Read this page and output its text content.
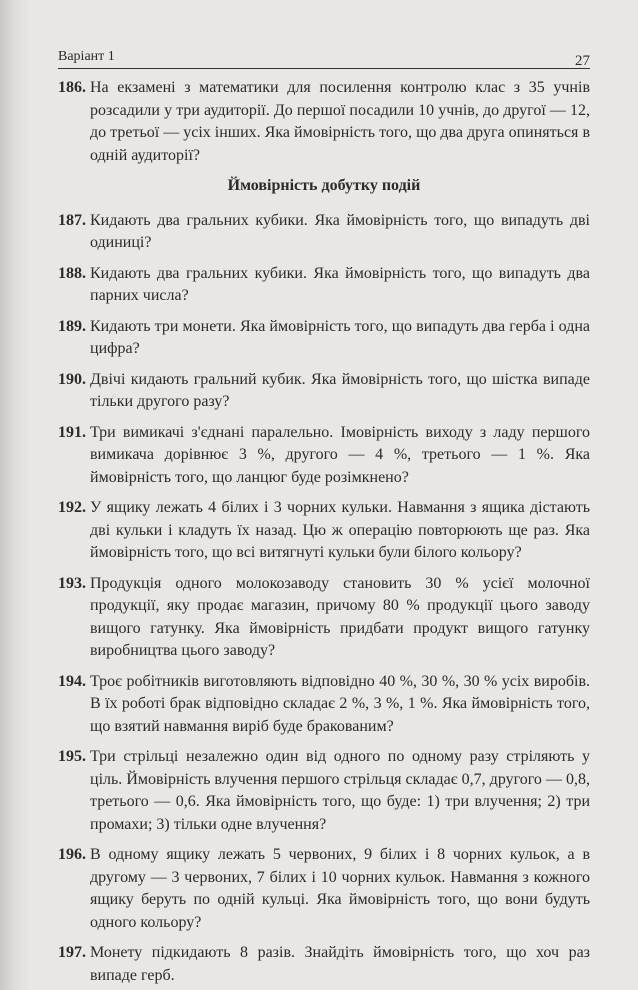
Варіант 1	27
186. На екзамені з математики для посилення контролю клас з 35 учнів розсадили у три аудиторії. До першої посадили 10 учнів, до другої — 12, до третьої — усіх інших. Яка ймовірність того, що два друга опиняться в одній аудиторії?
Ймовірність добутку подій
187. Кидають два гральних кубики. Яка ймовірність того, що випадуть дві одиниці?
188. Кидають два гральних кубики. Яка ймовірність того, що випадуть два парних числа?
189. Кидають три монети. Яка ймовірність того, що випадуть два герба і одна цифра?
190. Двічі кидають гральний кубик. Яка ймовірність того, що шістка випаде тільки другого разу?
191. Три вимикачі з'єднані паралельно. Імовірність виходу з ладу першого вимикача дорівнює 3 %, другого — 4 %, третього — 1 %. Яка ймовірність того, що ланцюг буде розімкнено?
192. У ящику лежать 4 білих і 3 чорних кульки. Навмання з ящика дістають дві кульки і кладуть їх назад. Цю ж операцію повторюють ще раз. Яка ймовірність того, що всі витягнуті кульки були білого кольору?
193. Продукція одного молокозаводу становить 30 % усієї молочної продукції, яку продає магазин, причому 80 % продукції цього заводу вищого гатунку. Яка ймовірність придбати продукт вищого гатунку виробництва цього заводу?
194. Троє робітників виготовляють відповідно 40 %, 30 %, 30 % усіх виробів. В їх роботі брак відповідно складає 2 %, 3 %, 1 %. Яка ймовірність того, що взятий навмання виріб буде бракованим?
195. Три стрільці незалежно один від одного по одному разу стріляють у ціль. Ймовірність влучення першого стрільця складає 0,7, другого — 0,8, третього — 0,6. Яка ймовірність того, що буде: 1) три влучення; 2) три промахи; 3) тільки одне влучення?
196. В одному ящику лежать 5 червоних, 9 білих і 8 чорних кульок, а в другому — 3 червоних, 7 білих і 10 чорних кульок. Навмання з кожного ящику беруть по одній кульці. Яка ймовірність того, що вони будуть одного кольору?
197. Монету підкидають 8 разів. Знайдіть ймовірність того, що хоч раз випаде герб.
